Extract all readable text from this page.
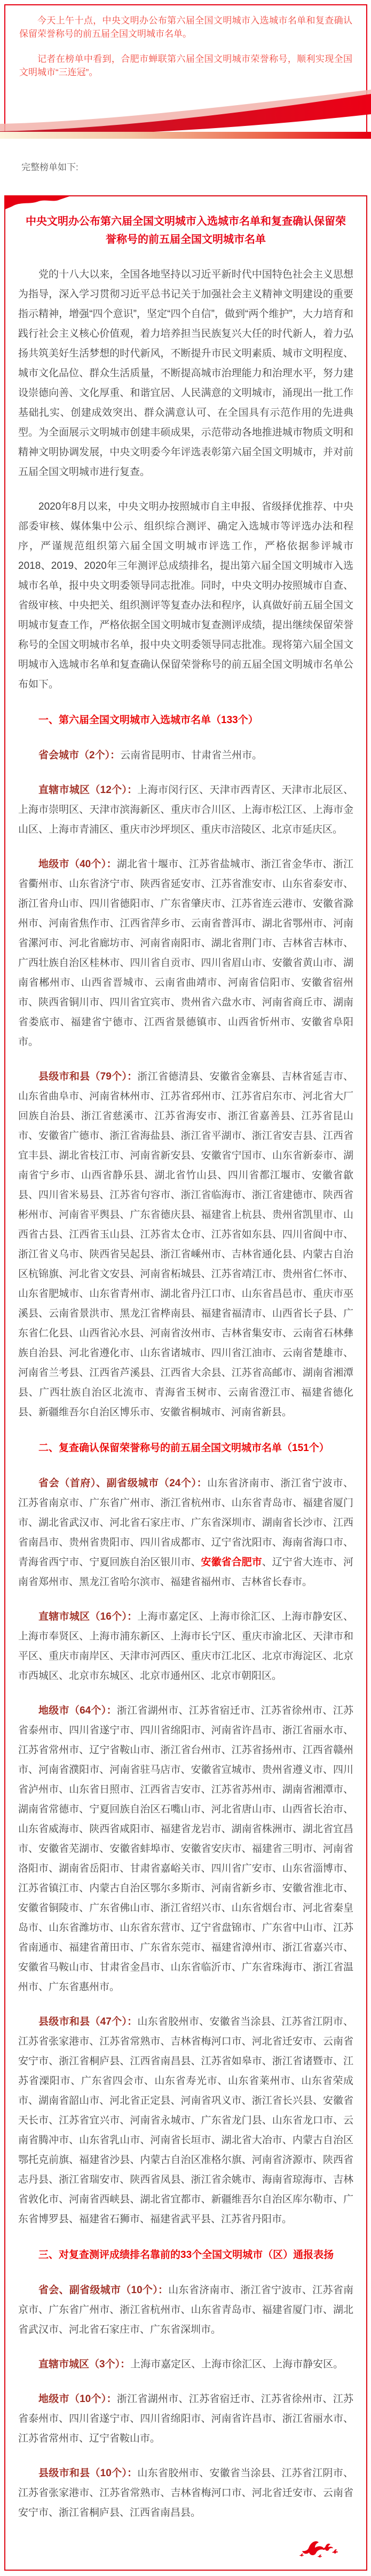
今天上午十点，中央文明办公布第六届全国文明城市入选城市名单和复查确认保留荣誉称号的前五届全国文明城市名单。

记者在榜单中看到，合肥市蝉联第六届全国文明城市荣誉称号，顺利实现全国文明城市“三连冠”。

完整榜单如下:

中央文明办公布第六届全国文明城市入选城市名单和复查确认保留荣誉称号的前五届全国文明城市名单

党的十八大以来，全国各地坚持以习近平新时代中国特色社会主义思想为指导，深入学习贯彻习近平总书记关于加强社会主义精神文明建设的重要指示精神，增强“四个意识”，坚定“四个自信”，做到“两个维护”，大力培育和践行社会主义核心价值观，着力培养担当民族复兴大任的时代新人，着力弘扬共筑美好生活梦想的时代新风，不断提升市民文明素质、城市文明程度、城市文化品位、群众生活质量，不断提高城市治理能力和治理水平，努力建设崇德向善、文化厚重、和谐宜居、人民满意的文明城市，涌现出一批工作基础扎实、创建成效突出、群众满意认可、在全国具有示范作用的先进典型。为全面展示文明城市创建丰硕成果，示范带动各地推进城市物质文明和精神文明协调发展，中央文明委今年评选表彰第六届全国文明城市，并对前五届全国文明城市进行复查。

2020年8月以来，中央文明办按照城市自主申报、省级择优推荐、中央部委审核、媒体集中公示、组织综合测评、确定入选城市等评选办法和程序，严谨规范组织第六届全国文明城市评选工作，严格依据参评城市2018、2019、2020年三年测评总成绩排名，提出第六届全国文明城市入选城市名单，报中央文明委领导同志批准。同时，中央文明办按照城市自查、省级审核、中央把关、组织测评等复查办法和程序，认真做好前五届全国文明城市复查工作，严格依据全国文明城市复查测评成绩，提出继续保留荣誉称号的全国文明城市名单，报中央文明委领导同志批准。现将第六届全国文明城市入选城市名单和复查确认保留荣誉称号的前五届全国文明城市名单公布如下。

一、第六届全国文明城市入选城市名单（133个）

省会城市（2个）：云南省昆明市、甘肃省兰州市。

直辖市城区（12个）：上海市闵行区、天津市西青区、天津市北辰区、上海市崇明区、天津市滨海新区、重庆市合川区、上海市松江区、上海市金山区、上海市青浦区、重庆市沙坪坝区、重庆市涪陵区、北京市延庆区。

地级市（40个）：湖北省十堰市、江苏省盐城市、浙江省金华市、浙江省衢州市、山东省济宁市、陕西省延安市、江苏省淮安市、山东省泰安市、浙江省舟山市、四川省德阳市、广东省肇庆市、江苏省连云港市、安徽省滁州市、河南省焦作市、江西省萍乡市、云南省普洱市、湖北省鄂州市、河南省漯河市、河北省廊坊市、河南省南阳市、湖北省荆门市、吉林省吉林市、广西壮族自治区桂林市、四川省自贡市、四川省眉山市、安徽省黄山市、湖南省郴州市、山西省晋城市、云南省曲靖市、河南省信阳市、安徽省宿州市、陕西省铜川市、四川省宜宾市、贵州省六盘水市、河南省商丘市、湖南省娄底市、福建省宁德市、江西省景德镇市、山西省忻州市、安徽省阜阳市。

县级市和县（79个）：浙江省德清县、安徽省金寨县、吉林省延吉市、山东省曲阜市、河南省林州市、江苏省邳州市、江苏省启东市、河北省大厂回族自治县、浙江省慈溪市、江苏省海安市、浙江省嘉善县、江苏省昆山市、安徽省广德市、浙江省海盐县、浙江省平湖市、浙江省安吉县、江西省宜丰县、湖北省枝江市、河南省新安县、安徽省宁国市、山东省新泰市、湖南省宁乡市、山西省静乐县、湖北省竹山县、四川省都江堰市、安徽省歙县、四川省米易县、江苏省句容市、浙江省临海市、浙江省建德市、陕西省彬州市、河南省平舆县、广东省德庆县、福建省上杭县、贵州省凯里市、山西省古县、江西省玉山县、江苏省太仓市、江苏省如东县、四川省阆中市、浙江省义乌市、陕西省吴起县、浙江省嵊州市、吉林省通化县、内蒙古自治区杭锦旗、河北省文安县、河南省柘城县、江苏省靖江市、贵州省仁怀市、山东省肥城市、山东省青州市、湖北省丹江口市、山东省昌邑市、重庆市巫溪县、云南省景洪市、黑龙江省桦南县、福建省福清市、山西省长子县、广东省仁化县、山西省沁水县、河南省汝州市、吉林省集安市、云南省石林彝族自治县、河北省遵化市、山东省诸城市、四川省江油市、云南省楚雄市、河南省兰考县、江西省芦溪县、江西省大余县、江苏省高邮市、湖南省湘潭县、广西壮族自治区北流市、青海省玉树市、云南省澄江市、福建省德化县、新疆维吾尔自治区博乐市、安徽省桐城市、河南省新县。

二、复查确认保留荣誉称号的前五届全国文明城市名单（151个）

省会（首府）、副省级城市（24个）：山东省济南市、浙江省宁波市、江苏省南京市、广东省广州市、浙江省杭州市、山东省青岛市、福建省厦门市、湖北省武汉市、河北省石家庄市、广东省深圳市、湖南省长沙市、江西省南昌市、贵州省贵阳市、四川省成都市、辽宁省沈阳市、海南省海口市、青海省西宁市、宁夏回族自治区银川市、安徽省合肥市、辽宁省大连市、河南省郑州市、黑龙江省哈尔滨市、福建省福州市、吉林省长春市。

直辖市城区（16个）：上海市嘉定区、上海市徐汇区、上海市静安区、上海市奉贤区、上海市浦东新区、上海市长宁区、重庆市渝北区、天津市和平区、重庆市南岸区、天津市河西区、重庆市江北区、北京市海淀区、北京市西城区、北京市东城区、北京市通州区、北京市朝阳区。

地级市（64个）：浙江省湖州市、江苏省宿迁市、江苏省徐州市、江苏省泰州市、四川省遂宁市、四川省绵阳市、河南省许昌市、浙江省丽水市、江苏省常州市、辽宁省鞍山市、浙江省台州市、江苏省扬州市、江西省赣州市、河南省濮阳市、河南省驻马店市、安徽省宣城市、贵州省遵义市、四川省泸州市、山东省日照市、江西省吉安市、江苏省苏州市、湖南省湘潭市、湖南省常德市、宁夏回族自治区石嘴山市、河北省唐山市、山西省长治市、山东省威海市、陕西省咸阳市、福建省龙岩市、湖南省株洲市、湖北省宜昌市、安徽省芜湖市、安徽省蚌埠市、安徽省安庆市、福建省三明市、河南省洛阳市、湖南省岳阳市、甘肃省嘉峪关市、四川省广安市、山东省淄博市、江苏省镇江市、内蒙古自治区鄂尔多斯市、河南省新乡市、安徽省淮北市、安徽省铜陵市、广东省佛山市、浙江省绍兴市、山东省烟台市、河北省秦皇岛市、山东省潍坊市、山东省东营市、辽宁省盘锦市、广东省中山市、江苏省南通市、福建省莆田市、广东省东莞市、福建省漳州市、浙江省嘉兴市、安徽省马鞍山市、甘肃省金昌市、山东省临沂市、广东省珠海市、浙江省温州市、广东省惠州市。

县级市和县（47个）：山东省胶州市、安徽省当涂县、江苏省江阴市、江苏省张家港市、江苏省常熟市、吉林省梅河口市、河北省迁安市、云南省安宁市、浙江省桐庐县、江西省南昌县、江苏省如皋市、浙江省诸暨市、江苏省溧阳市、广东省四会市、山东省寿光市、山东省莱州市、山东省荣成市、湖南省韶山市、河北省正定县、河南省巩义市、浙江省长兴县、安徽省天长市、江苏省宜兴市、河南省永城市、广东省龙门县、山东省龙口市、云南省腾冲市、山东省乳山市、河南省长垣市、湖北省大冶市、内蒙古自治区鄂托克前旗、福建省沙县、内蒙古自治区准格尔旗、河南省济源市、陕西省志丹县、浙江省瑞安市、陕西省凤县、浙江省余姚市、海南省琼海市、吉林省敦化市、河南省西峡县、湖北省宜都市、新疆维吾尔自治区库尔勒市、广东省博罗县、福建省石狮市、福建省武平县、江苏省丹阳市。

三、对复查测评成绩排名靠前的33个全国文明城市（区）通报表扬

省会、副省级城市（10个）：山东省济南市、浙江省宁波市、江苏省南京市、广东省广州市、浙江省杭州市、山东省青岛市、福建省厦门市、湖北省武汉市、河北省石家庄市、广东省深圳市。

直辖市城区（3个）：上海市嘉定区、上海市徐汇区、上海市静安区。

地级市（10个）：浙江省湖州市、江苏省宿迁市、江苏省徐州市、江苏省泰州市、四川省遂宁市、四川省绵阳市、河南省许昌市、浙江省丽水市、江苏省常州市、辽宁省鞍山市。

县级市和县（10个）：山东省胶州市、安徽省当涂县、江苏省江阴市、江苏省张家港市、江苏省常熟市、吉林省梅河口市、河北省迁安市、云南省安宁市、浙江省桐庐县、江西省南昌县。
